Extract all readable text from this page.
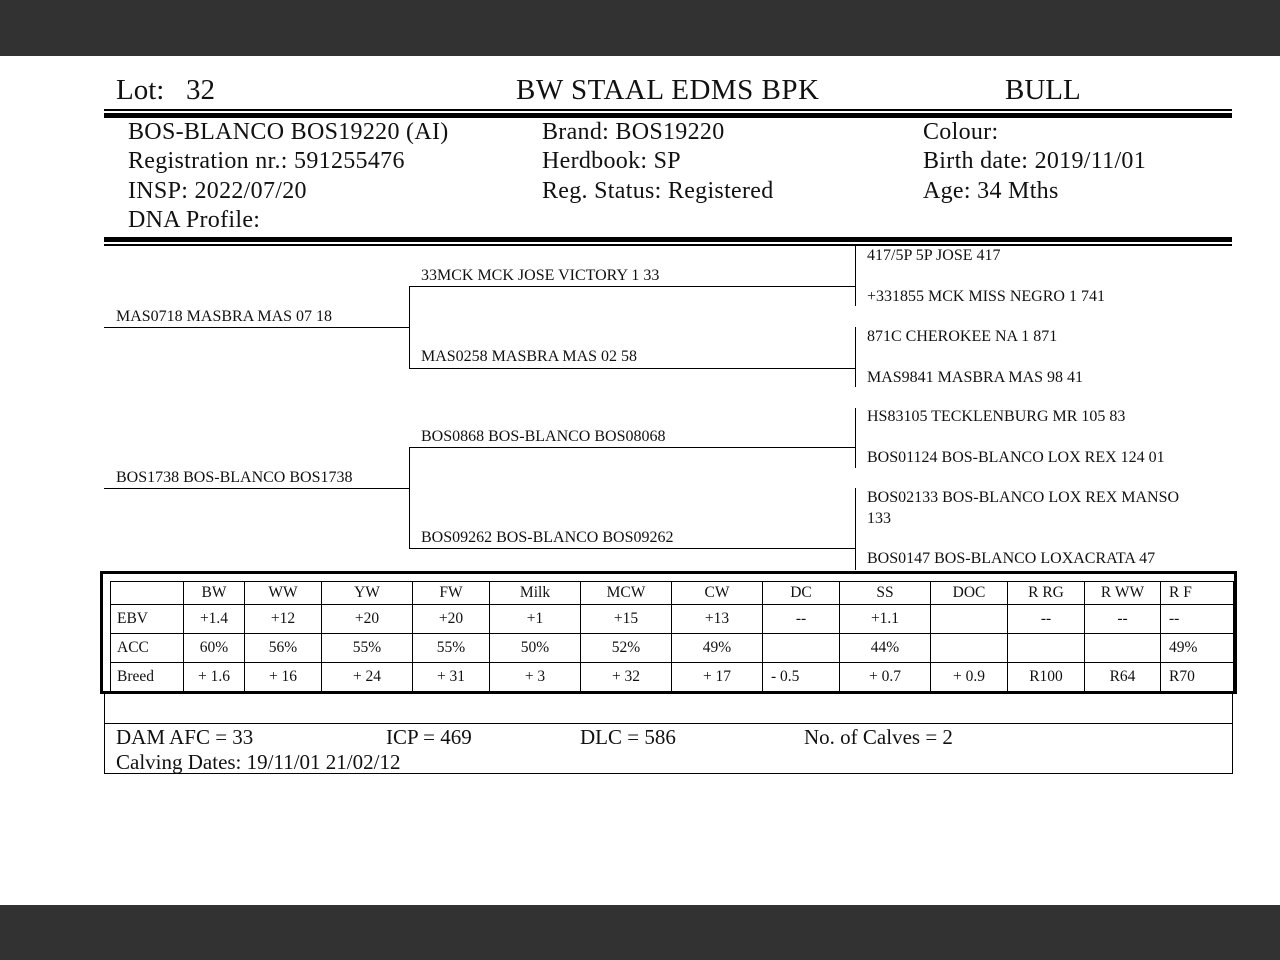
Lot: 32	BW STAAL EDMS BPK	BULL
BOS-BLANCO BOS19220 (AI)
Registration nr.: 591255476
INSP: 2022/07/20
DNA Profile:
Brand: BOS19220
Herdbook: SP
Reg. Status: Registered
Colour:
Birth date: 2019/11/01
Age: 34 Mths
MAS0718 MASBRA MAS 07 18
BOS1738 BOS-BLANCO BOS1738
33MCK MCK JOSE VICTORY 1 33
MAS0258 MASBRA MAS 02 58
BOS0868 BOS-BLANCO BOS08068
BOS09262 BOS-BLANCO BOS09262
417/5P 5P JOSE 417
+331855 MCK MISS NEGRO 1 741
871C CHEROKEE NA 1 871
MAS9841 MASBRA MAS 98 41
HS83105 TECKLENBURG MR 105 83
BOS01124 BOS-BLANCO LOX REX 124 01
BOS02133 BOS-BLANCO LOX REX MANSO
133
BOS0147 BOS-BLANCO LOXACRATA 47
	BW	WW	YW	FW	Milk	MCW	CW	DC	SS	DOC	R RG	R WW	R F
EBV	+1.4	+12	+20	+20	+1	+15	+13	--	+1.1		--	--	--
ACC	60%	56%	55%	55%	50%	52%	49%		44%				49%
Breed	+ 1.6	+ 16	+ 24	+ 31	+ 3	+ 32	+ 17	- 0.5	+ 0.7	+ 0.9	R100	R64	R70
DAM AFC = 33	ICP = 469	DLC = 586	No. of Calves = 2
Calving Dates: 19/11/01 21/02/12
